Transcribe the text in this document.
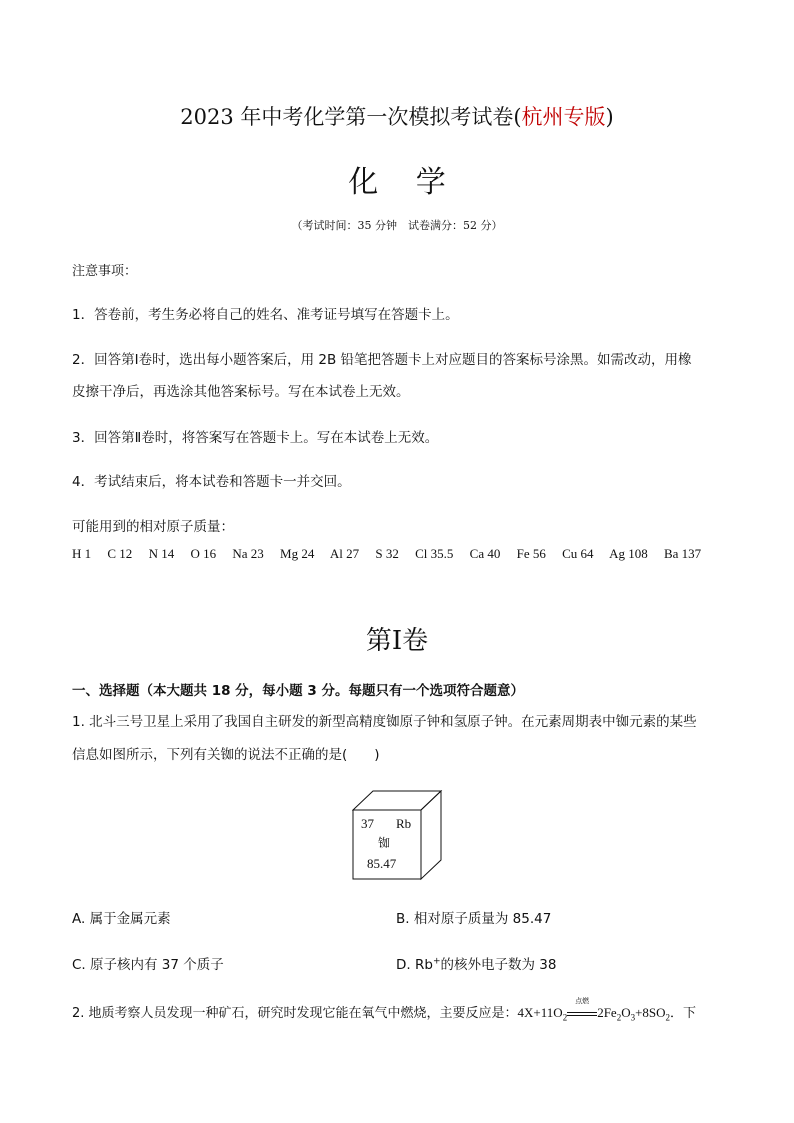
2023 年中考化学第一次模拟考试卷(杭州专版)
化 学
（考试时间：35 分钟　试卷满分：52 分）
注意事项：
1．答卷前，考生务必将自己的姓名、准考证号填写在答题卡上。
2．回答第Ⅰ卷时，选出每小题答案后，用 2B 铅笔把答题卡上对应题目的答案标号涂黑。如需改动，用橡
皮擦干净后，再选涂其他答案标号。写在本试卷上无效。
3．回答第Ⅱ卷时，将答案写在答题卡上。写在本试卷上无效。
4．考试结束后，将本试卷和答题卡一并交回。
可能用到的相对原子质量：
H 1 C 12 N 14 O 16 Na 23 Mg 24 Al 27 S 32 Cl 35.5 Ca 40 Fe 56 Cu 64 Ag 108 Ba 137
第Ⅰ卷
一、选择题（本大题共 18 分，每小题 3 分。每题只有一个选项符合题意）
1. 北斗三号卫星上采用了我国自主研发的新型高精度铷原子钟和氢原子钟。在元素周期表中铷元素的某些
信息如图所示，下列有关铷的说法不正确的是(　　)
37 Rb
铷
85.47
A. 属于金属元素	B. 相对原子质量为 85.47
C. 原子核内有 37 个质子	D. Rb+的核外电子数为 38
2. 地质考察人员发现一种矿石，研究时发现它能在氧气中燃烧，主要反应是：$4X+11O_2$
点燃
$2Fe_2O_3+8SO_2$．下
